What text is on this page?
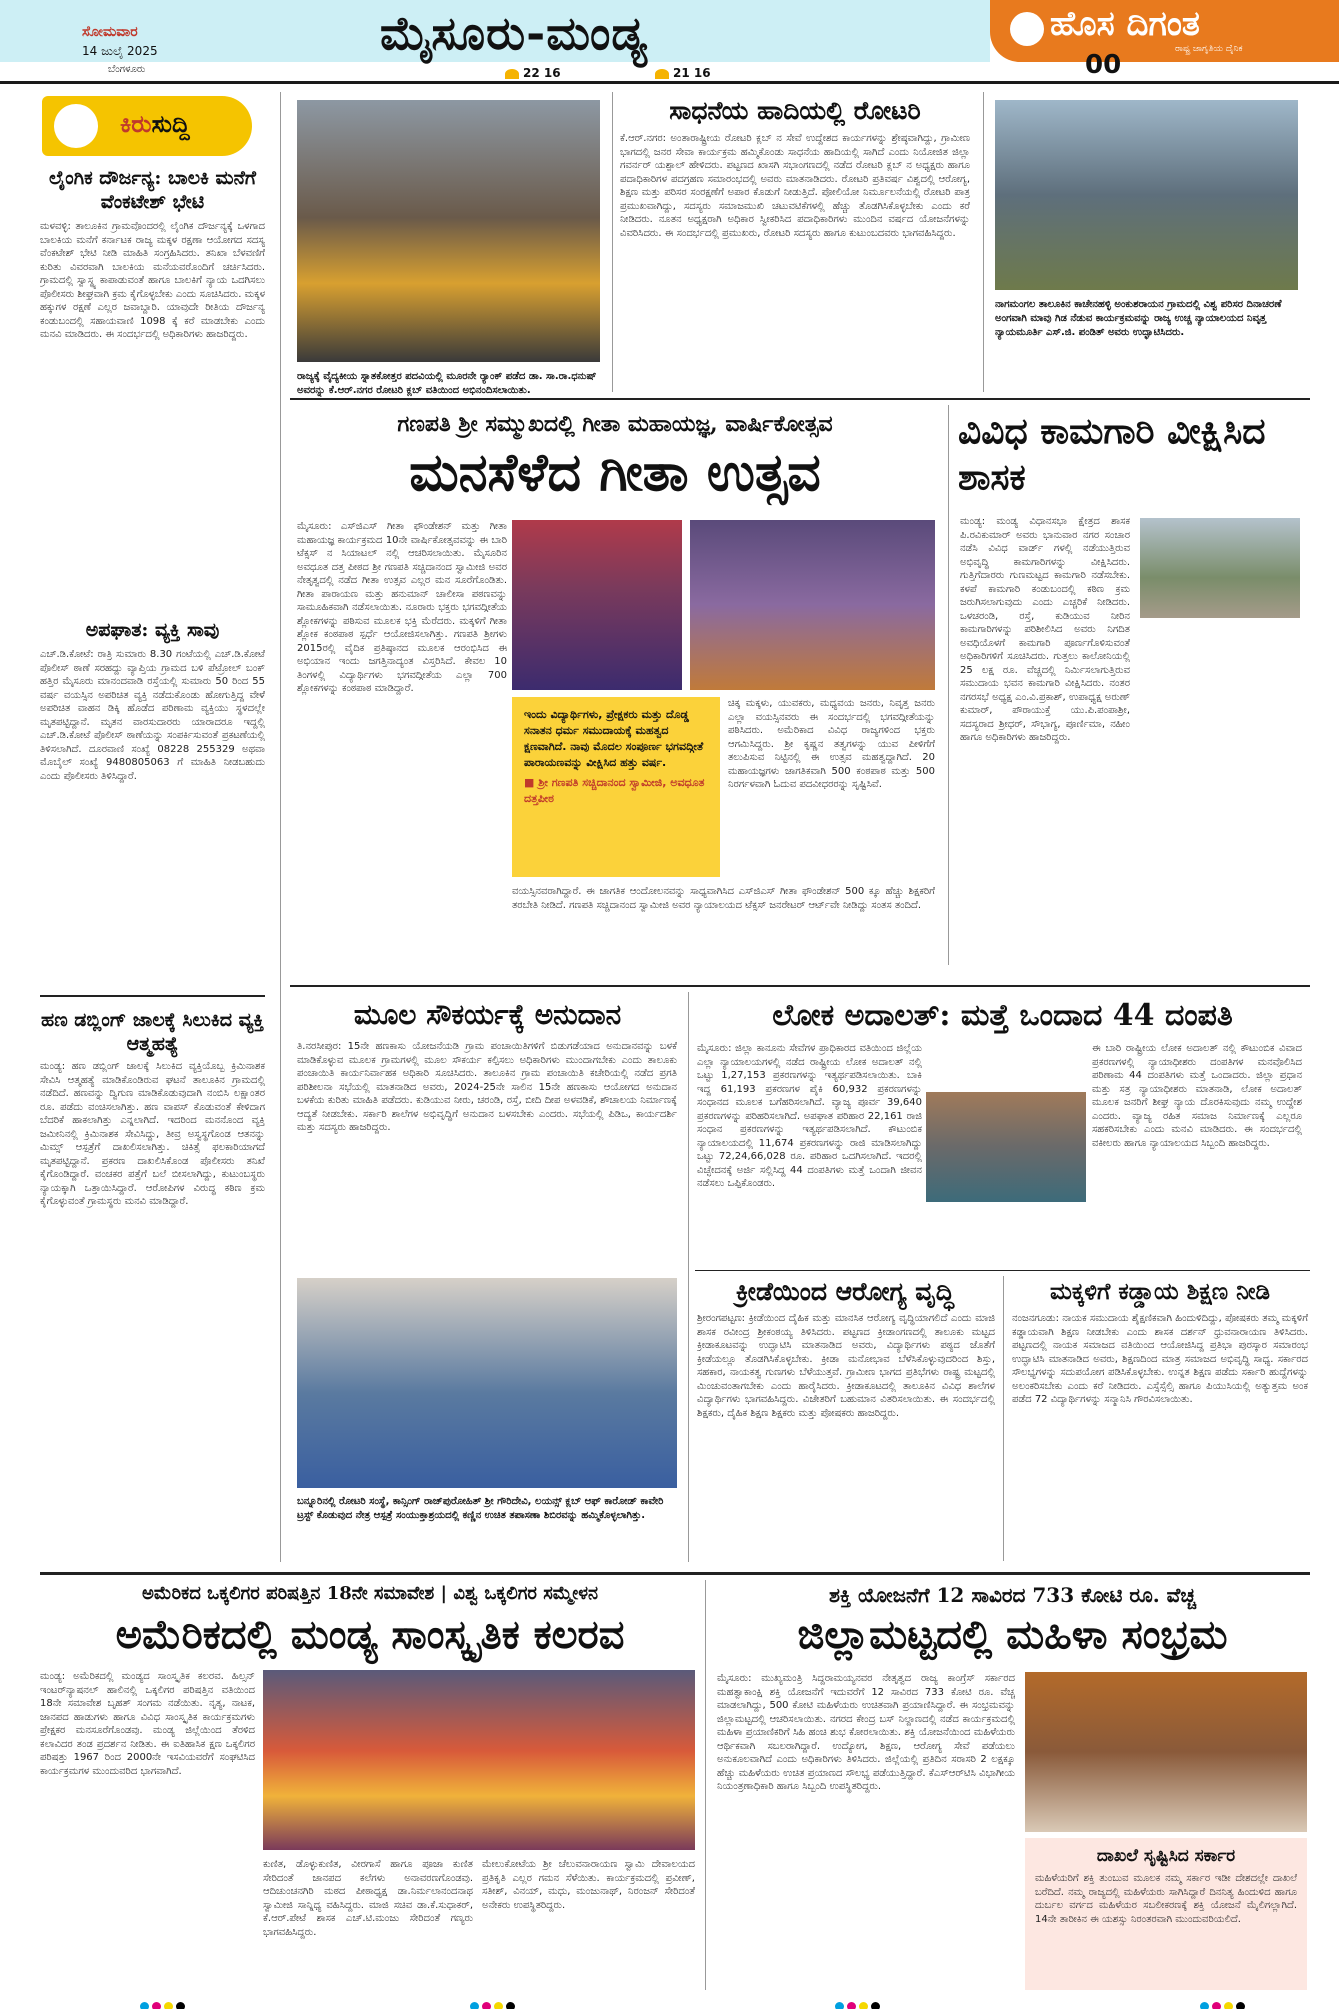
ಸೋಮವಾರ
14 ಜುಲೈ 2025
ಬೆಂಗಳೂರು
ಮೈಸೂರು-ಮಂಡ್ಯ
22 16	21 16
ಹೊಸ ದಿಗಂತ
ರಾಷ್ಟ್ರ ಜಾಗೃತಿಯ ದೈನಿಕ
00
ಕಿರುಸುದ್ದಿ
ಲೈಂಗಿಕ ದೌರ್ಜನ್ಯ: ಬಾಲಕಿ ಮನೆಗೆ ವೆಂಕಟೇಶ್ ಭೇಟಿ
ಮಳವಳ್ಳಿ: ತಾಲೂಕಿನ ಗ್ರಾಮವೊಂದರಲ್ಲಿ ಲೈಂಗಿಕ ದೌರ್ಜನ್ಯಕ್ಕೆ ಒಳಗಾದ ಬಾಲಕಿಯ ಮನೆಗೆ ಕರ್ನಾಟಕ ರಾಜ್ಯ ಮಕ್ಕಳ ರಕ್ಷಣಾ ಆಯೋಗದ ಸದಸ್ಯ ವೆಂಕಟೇಶ್ ಭೇಟಿ ನೀಡಿ ಮಾಹಿತಿ ಸಂಗ್ರಹಿಸಿದರು. ತನಿಖಾ ಬೆಳವಣಿಗೆ ಕುರಿತು ವಿವರವಾಗಿ ಬಾಲಕಿಯ ಮನೆಯವರೊಂದಿಗೆ ಚರ್ಚಿಸಿದರು. ಗ್ರಾಮದಲ್ಲಿ ಸ್ವಾಸ್ಥ್ಯ ಕಾಪಾಡುವಂತೆ ಹಾಗೂ ಬಾಲಕಿಗೆ ನ್ಯಾಯ ಒದಗಿಸಲು ಪೊಲೀಸರು ಶೀಘ್ರವಾಗಿ ಕ್ರಮ ಕೈಗೊಳ್ಳಬೇಕು ಎಂದು ಸೂಚಿಸಿದರು. ಮಕ್ಕಳ ಹಕ್ಕುಗಳ ರಕ್ಷಣೆ ಎಲ್ಲರ ಜವಾಬ್ದಾರಿ. ಯಾವುದೇ ರೀತಿಯ ದೌರ್ಜನ್ಯ ಕಂಡುಬಂದಲ್ಲಿ ಸಹಾಯವಾಣಿ 1098 ಕ್ಕೆ ಕರೆ ಮಾಡಬೇಕು ಎಂದು ಮನವಿ ಮಾಡಿದರು. ಈ ಸಂದರ್ಭದಲ್ಲಿ ಅಧಿಕಾರಿಗಳು ಹಾಜರಿದ್ದರು.
ಅಪಘಾತ: ವ್ಯಕ್ತಿ ಸಾವು
ಎಚ್.ಡಿ.ಕೋಟೆ: ರಾತ್ರಿ ಸುಮಾರು 8.30 ಗಂಟೆಯಲ್ಲಿ ಎಚ್.ಡಿ.ಕೋಟೆ ಪೊಲೀಸ್ ಠಾಣೆ ಸರಹದ್ದು ವ್ಯಾಪ್ತಿಯ ಗ್ರಾಮದ ಬಳಿ ಪೆಟ್ರೋಲ್ ಬಂಕ್ ಹತ್ತಿರ ಮೈಸೂರು ಮಾನಂದವಾಡಿ ರಸ್ತೆಯಲ್ಲಿ ಸುಮಾರು 50 ರಿಂದ 55 ವರ್ಷ ವಯಸ್ಸಿನ ಅಪರಿಚಿತ ವ್ಯಕ್ತಿ ನಡೆದುಕೊಂಡು ಹೋಗುತ್ತಿದ್ದ ವೇಳೆ ಅಪರಿಚಿತ ವಾಹನ ಡಿಕ್ಕಿ ಹೊಡೆದ ಪರಿಣಾಮ ವ್ಯಕ್ತಿಯು ಸ್ಥಳದಲ್ಲೇ ಮೃತಪಟ್ಟಿದ್ದಾನೆ. ಮೃತನ ವಾರಸುದಾರರು ಯಾರಾದರೂ ಇದ್ದಲ್ಲಿ ಎಚ್.ಡಿ.ಕೋಟೆ ಪೊಲೀಸ್ ಠಾಣೆಯನ್ನು ಸಂಪರ್ಕಿಸುವಂತೆ ಪ್ರಕಟಣೆಯಲ್ಲಿ ತಿಳಿಸಲಾಗಿದೆ. ದೂರವಾಣಿ ಸಂಖ್ಯೆ 08228 255329 ಅಥವಾ ಮೊಬೈಲ್ ಸಂಖ್ಯೆ 9480805063 ಗೆ ಮಾಹಿತಿ ನೀಡಬಹುದು ಎಂದು ಪೊಲೀಸರು ತಿಳಿಸಿದ್ದಾರೆ.
ಹಣ ಡಬ್ಲಿಂಗ್ ಜಾಲಕ್ಕೆ ಸಿಲುಕಿದ ವ್ಯಕ್ತಿ ಆತ್ಮಹತ್ಯೆ
ಮಂಡ್ಯ: ಹಣ ಡಬ್ಲಿಂಗ್ ಜಾಲಕ್ಕೆ ಸಿಲುಕಿದ ವ್ಯಕ್ತಿಯೊಬ್ಬ ಕ್ರಿಮಿನಾಶಕ ಸೇವಿಸಿ ಆತ್ಮಹತ್ಯೆ ಮಾಡಿಕೊಂಡಿರುವ ಘಟನೆ ತಾಲೂಕಿನ ಗ್ರಾಮದಲ್ಲಿ ನಡೆದಿದೆ. ಹಣವನ್ನು ದ್ವಿಗುಣ ಮಾಡಿಕೊಡುವುದಾಗಿ ನಂಬಿಸಿ ಲಕ್ಷಾಂತರ ರೂ. ಪಡೆದು ವಂಚಿಸಲಾಗಿತ್ತು. ಹಣ ವಾಪಸ್ ಕೊಡುವಂತೆ ಕೇಳಿದಾಗ ಬೆದರಿಕೆ ಹಾಕಲಾಗಿತ್ತು ಎನ್ನಲಾಗಿದೆ. ಇದರಿಂದ ಮನನೊಂದ ವ್ಯಕ್ತಿ ಜಮೀನಿನಲ್ಲಿ ಕ್ರಿಮಿನಾಶಕ ಸೇವಿಸಿದ್ದು, ತೀವ್ರ ಅಸ್ವಸ್ಥಗೊಂಡ ಆತನನ್ನು ಮಿಮ್ಸ್ ಆಸ್ಪತ್ರೆಗೆ ದಾಖಲಿಸಲಾಗಿತ್ತು. ಚಿಕಿತ್ಸೆ ಫಲಕಾರಿಯಾಗದೆ ಮೃತಪಟ್ಟಿದ್ದಾನೆ. ಪ್ರಕರಣ ದಾಖಲಿಸಿಕೊಂಡ ಪೊಲೀಸರು ತನಿಖೆ ಕೈಗೊಂಡಿದ್ದಾರೆ. ವಂಚಕರ ಪತ್ತೆಗೆ ಬಲೆ ಬೀಸಲಾಗಿದ್ದು, ಕುಟುಂಬಸ್ಥರು ನ್ಯಾಯಕ್ಕಾಗಿ ಒತ್ತಾಯಿಸಿದ್ದಾರೆ. ಆರೋಪಿಗಳ ವಿರುದ್ಧ ಕಠಿಣ ಕ್ರಮ ಕೈಗೊಳ್ಳುವಂತೆ ಗ್ರಾಮಸ್ಥರು ಮನವಿ ಮಾಡಿದ್ದಾರೆ.
ರಾಜ್ಯಕ್ಕೆ ವೈದ್ಯಕೀಯ ಸ್ನಾತಕೋತ್ತರ ಪದವಿಯಲ್ಲಿ ಮೂರನೇ ರ‍್ಯಾಂಕ್ ಪಡೆದ ಡಾ. ಸಾ.ರಾ.ಧನುಷ್ ಅವರನ್ನು ಕೆ.ಆರ್.ನಗರ ರೋಟರಿ ಕ್ಲಬ್ ವತಿಯಿಂದ ಅಭಿನಂದಿಸಲಾಯಿತು.
ಸಾಧನೆಯ ಹಾದಿಯಲ್ಲಿ ರೋಟರಿ
ಕೆ.ಆರ್.ನಗರ: ಅಂತಾರಾಷ್ಟ್ರೀಯ ರೋಟರಿ ಕ್ಲಬ್ ನ ಸೇವೆ ಉದ್ದೇಶದ ಕಾರ್ಯಗಳನ್ನು ಶ್ರೇಷ್ಠವಾಗಿದ್ದು, ಗ್ರಾಮೀಣ ಭಾಗದಲ್ಲಿ ಜನರ ಸೇವಾ ಕಾರ್ಯಕ್ರಮ ಹಮ್ಮಿಕೊಂಡು ಸಾಧನೆಯ ಹಾದಿಯಲ್ಲಿ ಸಾಗಿದೆ ಎಂದು ನಿಯೋಜಿತ ಜಿಲ್ಲಾ ಗವರ್ನರ್ ಯಶ್ಪಾಲ್ ಹೇಳಿದರು. ಪಟ್ಟಣದ ಖಾಸಗಿ ಸಭಾಂಗಣದಲ್ಲಿ ನಡೆದ ರೋಟರಿ ಕ್ಲಬ್ ನ ಅಧ್ಯಕ್ಷರು ಹಾಗೂ ಪದಾಧಿಕಾರಿಗಳ ಪದಗ್ರಹಣ ಸಮಾರಂಭದಲ್ಲಿ ಅವರು ಮಾತನಾಡಿದರು. ರೋಟರಿ ಪ್ರತಿವರ್ಷ ವಿಶ್ವದಲ್ಲಿ ಆರೋಗ್ಯ, ಶಿಕ್ಷಣ ಮತ್ತು ಪರಿಸರ ಸಂರಕ್ಷಣೆಗೆ ಅಪಾರ ಕೊಡುಗೆ ನೀಡುತ್ತಿದೆ. ಪೋಲಿಯೋ ನಿರ್ಮೂಲನೆಯಲ್ಲಿ ರೋಟರಿ ಪಾತ್ರ ಪ್ರಮುಖವಾಗಿದ್ದು, ಸದಸ್ಯರು ಸಮಾಜಮುಖಿ ಚಟುವಟಿಕೆಗಳಲ್ಲಿ ಹೆಚ್ಚು ತೊಡಗಿಸಿಕೊಳ್ಳಬೇಕು ಎಂದು ಕರೆ ನೀಡಿದರು. ನೂತನ ಅಧ್ಯಕ್ಷರಾಗಿ ಅಧಿಕಾರ ಸ್ವೀಕರಿಸಿದ ಪದಾಧಿಕಾರಿಗಳು ಮುಂದಿನ ವರ್ಷದ ಯೋಜನೆಗಳನ್ನು ವಿವರಿಸಿದರು. ಈ ಸಂದರ್ಭದಲ್ಲಿ ಪ್ರಮುಖರು, ರೋಟರಿ ಸದಸ್ಯರು ಹಾಗೂ ಕುಟುಂಬದವರು ಭಾಗವಹಿಸಿದ್ದರು.
ನಾಗಮಂಗಲ ತಾಲೂಕಿನ ಕಾಚೇನಹಳ್ಳಿ ಅಂಕುಶರಾಯನ ಗ್ರಾಮದಲ್ಲಿ ವಿಶ್ವ ಪರಿಸರ ದಿನಾಚರಣೆ ಅಂಗವಾಗಿ ಮಾವು ಗಿಡ ನೆಡುವ ಕಾರ್ಯಕ್ರಮವನ್ನು ರಾಜ್ಯ ಉಚ್ಚ ನ್ಯಾಯಾಲಯದ ನಿವೃತ್ತ ನ್ಯಾಯಮೂರ್ತಿ ಎಸ್.ಜಿ. ಪಂಡಿತ್ ಅವರು ಉದ್ಘಾಟಿಸಿದರು.
ಗಣಪತಿ ಶ್ರೀ ಸಮ್ಮುಖದಲ್ಲಿ ಗೀತಾ ಮಹಾಯಜ್ಞ, ವಾರ್ಷಿಕೋತ್ಸವ
ಮನಸೆಳೆದ ಗೀತಾ ಉತ್ಸವ
ಮೈಸೂರು: ಎಸ್‌ಜಿಎಸ್ ಗೀತಾ ಫೌಂಡೇಶನ್ ಮತ್ತು ಗೀತಾ ಮಹಾಯಜ್ಞ ಕಾರ್ಯಕ್ರಮದ 10ನೇ ವಾರ್ಷಿಕೋತ್ಸವವನ್ನು ಈ ಬಾರಿ ಟೆಕ್ಸಸ್ ನ ಸಿಯಾಟಲ್ ನಲ್ಲಿ ಆಚರಿಸಲಾಯಿತು. ಮೈಸೂರಿನ ಅವಧೂತ ದತ್ತ ಪೀಠದ ಶ್ರೀ ಗಣಪತಿ ಸಚ್ಚಿದಾನಂದ ಸ್ವಾಮೀಜಿ ಅವರ ನೇತೃತ್ವದಲ್ಲಿ ನಡೆದ ಗೀತಾ ಉತ್ಸವ ಎಲ್ಲರ ಮನ ಸೂರೆಗೊಂಡಿತು. ಗೀತಾ ಪಾರಾಯಣ ಮತ್ತು ಹನುಮಾನ್ ಚಾಲೀಸಾ ಪಠಣವನ್ನು ಸಾಮೂಹಿಕವಾಗಿ ನಡೆಸಲಾಯಿತು. ನೂರಾರು ಭಕ್ತರು ಭಗವದ್ಗೀತೆಯ ಶ್ಲೋಕಗಳನ್ನು ಪಠಿಸುವ ಮೂಲಕ ಭಕ್ತಿ ಮೆರೆದರು. ಮಕ್ಕಳಿಗೆ ಗೀತಾ ಶ್ಲೋಕ ಕಂಠಪಾಠ ಸ್ಪರ್ಧೆ ಆಯೋಜಿಸಲಾಗಿತ್ತು. ಗಣಪತಿ ಶ್ರೀಗಳು 2015ರಲ್ಲಿ ವೈದಿಕ ಪ್ರತಿಷ್ಠಾನದ ಮೂಲಕ ಆರಂಭಿಸಿದ ಈ ಅಭಿಯಾನ ಇಂದು ಜಗತ್ತಿನಾದ್ಯಂತ ವಿಸ್ತರಿಸಿದೆ. ಕೇವಲ 10 ತಿಂಗಳಲ್ಲಿ ವಿದ್ಯಾರ್ಥಿಗಳು ಭಗವದ್ಗೀತೆಯ ಎಲ್ಲಾ 700 ಶ್ಲೋಕಗಳನ್ನು ಕಂಠಪಾಠ ಮಾಡಿದ್ದಾರೆ.
ಇಂದು ವಿದ್ಯಾರ್ಥಿಗಳು, ಪ್ರೇಕ್ಷಕರು ಮತ್ತು ದೊಡ್ಡ ಸನಾತನ ಧರ್ಮ ಸಮುದಾಯಕ್ಕೆ ಮಹತ್ವದ ಕ್ಷಣವಾಗಿದೆ. ನಾವು ಮೊದಲ ಸಂಪೂರ್ಣ ಭಗವದ್ಗೀತೆ ಪಾರಾಯಣವನ್ನು ವೀಕ್ಷಿಸಿದ ಹತ್ತು ವರ್ಷ.
■ ಶ್ರೀ ಗಣಪತಿ ಸಚ್ಚಿದಾನಂದ ಸ್ವಾಮೀಜಿ, ಅವಧೂತ ದತ್ತಪೀಠ
ಚಿಕ್ಕ ಮಕ್ಕಳು, ಯುವಕರು, ಮಧ್ಯವಯ ಜನರು, ನಿವೃತ್ತ ಜನರು ಎಲ್ಲಾ ವಯಸ್ಸಿನವರು ಈ ಸಂದರ್ಭದಲ್ಲಿ ಭಗವದ್ಗೀತೆಯನ್ನು ಪಠಿಸಿದರು. ಅಮೆರಿಕಾದ ವಿವಿಧ ರಾಜ್ಯಗಳಿಂದ ಭಕ್ತರು ಆಗಮಿಸಿದ್ದರು. ಶ್ರೀ ಕೃಷ್ಣನ ತತ್ವಗಳನ್ನು ಯುವ ಪೀಳಿಗೆಗೆ ತಲುಪಿಸುವ ನಿಟ್ಟಿನಲ್ಲಿ ಈ ಉತ್ಸವ ಮಹತ್ವದ್ದಾಗಿದೆ. 20 ಮಹಾಯಜ್ಞಗಳು ಜಾಗತಿಕವಾಗಿ 500 ಕಂಠಪಾಠ ಮತ್ತು 500 ನಿರರ್ಗಳವಾಗಿ ಓದುವ ಪದವೀಧರರನ್ನು ಸೃಷ್ಟಿಸಿವೆ.
ವಯಸ್ಸಿನವರಾಗಿದ್ದಾರೆ. ಈ ಜಾಗತಿಕ ಆಂದೋಲನವನ್ನು ಸಾಧ್ಯವಾಗಿಸಿದ ಎಸ್‌ಜಿಎಸ್ ಗೀತಾ ಫೌಂಡೇಶನ್ 500 ಕ್ಕೂ ಹೆಚ್ಚು ಶಿಕ್ಷಕರಿಗೆ ತರಬೇತಿ ನೀಡಿದೆ. ಗಣಪತಿ ಸಚ್ಚಿದಾನಂದ ಸ್ವಾಮೀಜಿ ಅವರ ನ್ಯಾಯಾಲಯದ ಟೆಕ್ಸಸ್ ಜನರೇಟರ್ ಆರ್ಟ್‌ವೇ ನೀಡಿದ್ದು ಸಂತಸ ತಂದಿದೆ.
ವಿವಿಧ ಕಾಮಗಾರಿ ವೀಕ್ಷಿಸಿದ ಶಾಸಕ
ಮಂಡ್ಯ: ಮಂಡ್ಯ ವಿಧಾನಸಭಾ ಕ್ಷೇತ್ರದ ಶಾಸಕ ಪಿ.ರವಿಕುಮಾರ್ ಅವರು ಭಾನುವಾರ ನಗರ ಸಂಚಾರ ನಡೆಸಿ ವಿವಿಧ ವಾರ್ಡ್ ಗಳಲ್ಲಿ ನಡೆಯುತ್ತಿರುವ ಅಭಿವೃದ್ಧಿ ಕಾಮಗಾರಿಗಳನ್ನು ವೀಕ್ಷಿಸಿದರು. ಗುತ್ತಿಗೆದಾರರು ಗುಣಮಟ್ಟದ ಕಾಮಗಾರಿ ನಡೆಸಬೇಕು. ಕಳಪೆ ಕಾಮಗಾರಿ ಕಂಡುಬಂದಲ್ಲಿ ಕಠಿಣ ಕ್ರಮ ಜರುಗಿಸಲಾಗುವುದು ಎಂದು ಎಚ್ಚರಿಕೆ ನೀಡಿದರು. ಒಳಚರಂಡಿ, ರಸ್ತೆ, ಕುಡಿಯುವ ನೀರಿನ ಕಾಮಗಾರಿಗಳನ್ನು ಪರಿಶೀಲಿಸಿದ ಅವರು ನಿಗದಿತ ಅವಧಿಯೊಳಗೆ ಕಾಮಗಾರಿ ಪೂರ್ಣಗೊಳಿಸುವಂತೆ ಅಧಿಕಾರಿಗಳಿಗೆ ಸೂಚಿಸಿದರು. ಗುತ್ತಲು ಕಾಲೋನಿಯಲ್ಲಿ 25 ಲಕ್ಷ ರೂ. ವೆಚ್ಚದಲ್ಲಿ ನಿರ್ಮಿಸಲಾಗುತ್ತಿರುವ ಸಮುದಾಯ ಭವನ ಕಾಮಗಾರಿ ವೀಕ್ಷಿಸಿದರು. ನಂತರ ನಗರಸಭೆ ಅಧ್ಯಕ್ಷ ಎಂ.ವಿ.ಪ್ರಕಾಶ್, ಉಪಾಧ್ಯಕ್ಷ ಅರುಣ್ ಕುಮಾರ್, ಪೌರಾಯುಕ್ತೆ ಯು.ಪಿ.ಪಂಪಾಶ್ರೀ, ಸದಸ್ಯರಾದ ಶ್ರೀಧರ್, ಸೌಭಾಗ್ಯ, ಪೂರ್ಣಿಮಾ, ನಹೀಂ ಹಾಗೂ ಅಧಿಕಾರಿಗಳು ಹಾಜರಿದ್ದರು.
ಮೂಲ ಸೌಕರ್ಯಕ್ಕೆ ಅನುದಾನ
ತಿ.ನರಸೀಪುರ: 15ನೇ ಹಣಕಾಸು ಯೋಜನೆಯಡಿ ಗ್ರಾಮ ಪಂಚಾಯಿತಿಗಳಿಗೆ ಬಿಡುಗಡೆಯಾದ ಅನುದಾನವನ್ನು ಬಳಕೆ ಮಾಡಿಕೊಳ್ಳುವ ಮೂಲಕ ಗ್ರಾಮಗಳಲ್ಲಿ ಮೂಲ ಸೌಕರ್ಯ ಕಲ್ಪಿಸಲು ಅಧಿಕಾರಿಗಳು ಮುಂದಾಗಬೇಕು ಎಂದು ತಾಲೂಕು ಪಂಚಾಯಿತಿ ಕಾರ್ಯನಿರ್ವಾಹಕ ಅಧಿಕಾರಿ ಸೂಚಿಸಿದರು. ತಾಲೂಕಿನ ಗ್ರಾಮ ಪಂಚಾಯಿತಿ ಕಚೇರಿಯಲ್ಲಿ ನಡೆದ ಪ್ರಗತಿ ಪರಿಶೀಲನಾ ಸಭೆಯಲ್ಲಿ ಮಾತನಾಡಿದ ಅವರು, 2024-25ನೇ ಸಾಲಿನ 15ನೇ ಹಣಕಾಸು ಆಯೋಗದ ಅನುದಾನ ಬಳಕೆಯ ಕುರಿತು ಮಾಹಿತಿ ಪಡೆದರು. ಕುಡಿಯುವ ನೀರು, ಚರಂಡಿ, ರಸ್ತೆ, ಬೀದಿ ದೀಪ ಅಳವಡಿಕೆ, ಶೌಚಾಲಯ ನಿರ್ಮಾಣಕ್ಕೆ ಆದ್ಯತೆ ನೀಡಬೇಕು. ಸರ್ಕಾರಿ ಶಾಲೆಗಳ ಅಭಿವೃದ್ಧಿಗೆ ಅನುದಾನ ಬಳಸಬೇಕು ಎಂದರು. ಸಭೆಯಲ್ಲಿ ಪಿಡಿಒ, ಕಾರ್ಯದರ್ಶಿ ಮತ್ತು ಸದಸ್ಯರು ಹಾಜರಿದ್ದರು.
ಬನ್ನೂರಿನಲ್ಲಿ ರೋಟರಿ ಸಂಸ್ಥೆ, ಕಾನ್ಸಿಂಗ್ ರಾಜ್‌ಪುರೋಹಿತ್ ಶ್ರೀ ಗೌರಿದೇವಿ, ಲಯನ್ಸ್ ಕ್ಲಬ್ ಆಫ್ ಕಾರೋಡ್ ಕಾವೇರಿ ಟ್ರಸ್ಟ್ ಕೊಡುವುದ ನೇತ್ರ ಆಸ್ಪತ್ರೆ ಸಂಯುಕ್ತಾಶ್ರಯದಲ್ಲಿ ಕಣ್ಣಿನ ಉಚಿತ ತಪಾಸಣಾ ಶಿಬಿರವನ್ನು ಹಮ್ಮಿಕೊಳ್ಳಲಾಗಿತ್ತು.
ಲೋಕ ಅದಾಲತ್: ಮತ್ತೆ ಒಂದಾದ 44 ದಂಪತಿ
ಮೈಸೂರು: ಜಿಲ್ಲಾ ಕಾನೂನು ಸೇವೆಗಳ ಪ್ರಾಧಿಕಾರದ ವತಿಯಿಂದ ಜಿಲ್ಲೆಯ ಎಲ್ಲಾ ನ್ಯಾಯಾಲಯಗಳಲ್ಲಿ ನಡೆದ ರಾಷ್ಟ್ರೀಯ ಲೋಕ ಅದಾಲತ್ ನಲ್ಲಿ ಒಟ್ಟು 1,27,153 ಪ್ರಕರಣಗಳನ್ನು ಇತ್ಯರ್ಥಪಡಿಸಲಾಯಿತು. ಬಾಕಿ ಇದ್ದ 61,193 ಪ್ರಕರಣಗಳ ಪೈಕಿ 60,932 ಪ್ರಕರಣಗಳನ್ನು ಸಂಧಾನದ ಮೂಲಕ ಬಗೆಹರಿಸಲಾಗಿದೆ. ವ್ಯಾಜ್ಯ ಪೂರ್ವ 39,640 ಪ್ರಕರಣಗಳನ್ನು ಪರಿಹರಿಸಲಾಗಿದೆ. ಅಪಘಾತ ಪರಿಹಾರ 22,161 ರಾಜಿ ಸಂಧಾನ ಪ್ರಕರಣಗಳನ್ನು ಇತ್ಯರ್ಥಪಡಿಸಲಾಗಿದೆ. ಕೌಟುಂಬಿಕ ನ್ಯಾಯಾಲಯದಲ್ಲಿ 11,674 ಪ್ರಕರಣಗಳನ್ನು ರಾಜಿ ಮಾಡಿಸಲಾಗಿದ್ದು ಒಟ್ಟು 72,24,66,028 ರೂ. ಪರಿಹಾರ ಒದಗಿಸಲಾಗಿದೆ. ಇದರಲ್ಲಿ ವಿಚ್ಛೇದನಕ್ಕೆ ಅರ್ಜಿ ಸಲ್ಲಿಸಿದ್ದ 44 ದಂಪತಿಗಳು ಮತ್ತೆ ಒಂದಾಗಿ ಜೀವನ ನಡೆಸಲು ಒಪ್ಪಿಕೊಂಡರು.
ಈ ಬಾರಿ ರಾಷ್ಟ್ರೀಯ ಲೋಕ ಅದಾಲತ್ ನಲ್ಲಿ ಕೌಟುಂಬಿಕ ವಿವಾದ ಪ್ರಕರಣಗಳಲ್ಲಿ ನ್ಯಾಯಾಧೀಶರು ದಂಪತಿಗಳ ಮನವೊಲಿಸಿದ ಪರಿಣಾಮ 44 ದಂಪತಿಗಳು ಮತ್ತೆ ಒಂದಾದರು. ಜಿಲ್ಲಾ ಪ್ರಧಾನ ಮತ್ತು ಸತ್ರ ನ್ಯಾಯಾಧೀಶರು ಮಾತನಾಡಿ, ಲೋಕ ಅದಾಲತ್ ಮೂಲಕ ಜನರಿಗೆ ಶೀಘ್ರ ನ್ಯಾಯ ದೊರಕಿಸುವುದು ನಮ್ಮ ಉದ್ದೇಶ ಎಂದರು. ವ್ಯಾಜ್ಯ ರಹಿತ ಸಮಾಜ ನಿರ್ಮಾಣಕ್ಕೆ ಎಲ್ಲರೂ ಸಹಕರಿಸಬೇಕು ಎಂದು ಮನವಿ ಮಾಡಿದರು. ಈ ಸಂದರ್ಭದಲ್ಲಿ ವಕೀಲರು ಹಾಗೂ ನ್ಯಾಯಾಲಯದ ಸಿಬ್ಬಂದಿ ಹಾಜರಿದ್ದರು.
ಕ್ರೀಡೆಯಿಂದ ಆರೋಗ್ಯ ವೃದ್ಧಿ
ಶ್ರೀರಂಗಪಟ್ಟಣ: ಕ್ರೀಡೆಯಿಂದ ದೈಹಿಕ ಮತ್ತು ಮಾನಸಿಕ ಆರೋಗ್ಯ ವೃದ್ಧಿಯಾಗಲಿದೆ ಎಂದು ಮಾಜಿ ಶಾಸಕ ರವೀಂದ್ರ ಶ್ರೀಕಂಠಯ್ಯ ತಿಳಿಸಿದರು. ಪಟ್ಟಣದ ಕ್ರೀಡಾಂಗಣದಲ್ಲಿ ತಾಲೂಕು ಮಟ್ಟದ ಕ್ರೀಡಾಕೂಟವನ್ನು ಉದ್ಘಾಟಿಸಿ ಮಾತನಾಡಿದ ಅವರು, ವಿದ್ಯಾರ್ಥಿಗಳು ಪಠ್ಯದ ಜೊತೆಗೆ ಕ್ರೀಡೆಯಲ್ಲೂ ತೊಡಗಿಸಿಕೊಳ್ಳಬೇಕು. ಕ್ರೀಡಾ ಮನೋಭಾವ ಬೆಳೆಸಿಕೊಳ್ಳುವುದರಿಂದ ಶಿಸ್ತು, ಸಹಕಾರ, ನಾಯಕತ್ವ ಗುಣಗಳು ಬೆಳೆಯುತ್ತವೆ. ಗ್ರಾಮೀಣ ಭಾಗದ ಪ್ರತಿಭೆಗಳು ರಾಷ್ಟ್ರ ಮಟ್ಟದಲ್ಲಿ ಮಿಂಚುವಂತಾಗಬೇಕು ಎಂದು ಹಾರೈಸಿದರು. ಕ್ರೀಡಾಕೂಟದಲ್ಲಿ ತಾಲೂಕಿನ ವಿವಿಧ ಶಾಲೆಗಳ ವಿದ್ಯಾರ್ಥಿಗಳು ಭಾಗವಹಿಸಿದ್ದರು. ವಿಜೇತರಿಗೆ ಬಹುಮಾನ ವಿತರಿಸಲಾಯಿತು. ಈ ಸಂದರ್ಭದಲ್ಲಿ ಶಿಕ್ಷಕರು, ದೈಹಿಕ ಶಿಕ್ಷಣ ಶಿಕ್ಷಕರು ಮತ್ತು ಪೋಷಕರು ಹಾಜರಿದ್ದರು.
ಮಕ್ಕಳಿಗೆ ಕಡ್ಡಾಯ ಶಿಕ್ಷಣ ನೀಡಿ
ನಂಜನಗೂಡು: ನಾಯಕ ಸಮುದಾಯ ಶೈಕ್ಷಣಿಕವಾಗಿ ಹಿಂದುಳಿದಿದ್ದು, ಪೋಷಕರು ತಮ್ಮ ಮಕ್ಕಳಿಗೆ ಕಡ್ಡಾಯವಾಗಿ ಶಿಕ್ಷಣ ನೀಡಬೇಕು ಎಂದು ಶಾಸಕ ದರ್ಶನ್ ಧ್ರುವನಾರಾಯಣ ತಿಳಿಸಿದರು. ಪಟ್ಟಣದಲ್ಲಿ ನಾಯಕ ಸಮಾಜದ ವತಿಯಿಂದ ಆಯೋಜಿಸಿದ್ದ ಪ್ರತಿಭಾ ಪುರಸ್ಕಾರ ಸಮಾರಂಭ ಉದ್ಘಾಟಿಸಿ ಮಾತನಾಡಿದ ಅವರು, ಶಿಕ್ಷಣದಿಂದ ಮಾತ್ರ ಸಮಾಜದ ಅಭಿವೃದ್ಧಿ ಸಾಧ್ಯ. ಸರ್ಕಾರದ ಸೌಲಭ್ಯಗಳನ್ನು ಸದುಪಯೋಗ ಪಡಿಸಿಕೊಳ್ಳಬೇಕು. ಉನ್ನತ ಶಿಕ್ಷಣ ಪಡೆದು ಸರ್ಕಾರಿ ಹುದ್ದೆಗಳನ್ನು ಅಲಂಕರಿಸಬೇಕು ಎಂದು ಕರೆ ನೀಡಿದರು. ಎಸ್ಸೆಸ್ಸೆಲ್ಸಿ ಹಾಗೂ ಪಿಯುಸಿಯಲ್ಲಿ ಅತ್ಯುತ್ತಮ ಅಂಕ ಪಡೆದ 72 ವಿದ್ಯಾರ್ಥಿಗಳನ್ನು ಸನ್ಮಾನಿಸಿ ಗೌರವಿಸಲಾಯಿತು.
ಅಮೆರಿಕದ ಒಕ್ಕಲಿಗರ ಪರಿಷತ್ತಿನ 18ನೇ ಸಮಾವೇಶ | ವಿಶ್ವ ಒಕ್ಕಲಿಗರ ಸಮ್ಮೇಳನ
ಅಮೆರಿಕದಲ್ಲಿ ಮಂಡ್ಯ ಸಾಂಸ್ಕೃತಿಕ ಕಲರವ
ಮಂಡ್ಯ: ಅಮೆರಿಕದಲ್ಲಿ ಮಂಡ್ಯದ ಸಾಂಸ್ಕೃತಿಕ ಕಲರವ. ಹಿಲ್ಸನ್ ಇಂಟರ್‌ನ್ಯಾಷನಲ್ ಹಾಲಿನಲ್ಲಿ ಒಕ್ಕಲಿಗರ ಪರಿಷತ್ತಿನ ವತಿಯಿಂದ 18ನೇ ಸಮಾವೇಶ ಬೃಹತ್ ಸಂಗಮ ನಡೆಯಿತು. ನೃತ್ಯ, ನಾಟಕ, ಜಾನಪದ ಹಾಡುಗಳು ಹಾಗೂ ವಿವಿಧ ಸಾಂಸ್ಕೃತಿಕ ಕಾರ್ಯಕ್ರಮಗಳು ಪ್ರೇಕ್ಷಕರ ಮನಸೂರೆಗೊಂಡವು. ಮಂಡ್ಯ ಜಿಲ್ಲೆಯಿಂದ ತೆರಳಿದ ಕಲಾವಿದರ ತಂಡ ಪ್ರದರ್ಶನ ನೀಡಿತು. ಈ ಐತಿಹಾಸಿಕ ಕ್ಷಣ ಒಕ್ಕಲಿಗರ ಪರಿಷತ್ತು 1967 ರಿಂದ 2000ನೇ ಇಸವಿಯವರೆಗೆ ಸಂಘಟಿಸಿದ ಕಾರ್ಯಕ್ರಮಗಳ ಮುಂದುವರಿದ ಭಾಗವಾಗಿದೆ.
ಕುಣಿತ, ಡೊಳ್ಳುಕುಣಿತ, ವೀರಗಾಸೆ ಹಾಗೂ ಪೂಜಾ ಕುಣಿತ ಸೇರಿದಂತೆ ಜಾನಪದ ಕಲೆಗಳು ಅನಾವರಣಗೊಂಡವು. ಆದಿಚುಂಚನಗಿರಿ ಮಠದ ಪೀಠಾಧ್ಯಕ್ಷ ಡಾ.ನಿರ್ಮಲಾನಂದನಾಥ ಸ್ವಾಮೀಜಿ ಸಾನ್ನಿಧ್ಯ ವಹಿಸಿದ್ದರು. ಮಾಜಿ ಸಚಿವ ಡಾ.ಕೆ.ಸುಧಾಕರ್, ಕೆ.ಆರ್.ಪೇಟೆ ಶಾಸಕ ಎಚ್.ಟಿ.ಮಂಜು ಸೇರಿದಂತೆ ಗಣ್ಯರು ಭಾಗವಹಿಸಿದ್ದರು.
ಮೇಲುಕೋಟೆಯ ಶ್ರೀ ಚೆಲುವನಾರಾಯಣ ಸ್ವಾಮಿ ದೇವಾಲಯದ ಪ್ರತಿಕೃತಿ ಎಲ್ಲರ ಗಮನ ಸೆಳೆಯಿತು. ಕಾರ್ಯಕ್ರಮದಲ್ಲಿ ಪ್ರವೀಣ್, ಸತೀಶ್, ವಿನಯ್, ಮಧು, ಮಂಜುನಾಥ್, ನಿರಂಜನ್ ಸೇರಿದಂತೆ ಅನೇಕರು ಉಪಸ್ಥಿತರಿದ್ದರು.
ಶಕ್ತಿ ಯೋಜನೆಗೆ 12 ಸಾವಿರದ 733 ಕೋಟಿ ರೂ. ವೆಚ್ಚ
ಜಿಲ್ಲಾಮಟ್ಟದಲ್ಲಿ ಮಹಿಳಾ ಸಂಭ್ರಮ
ಮೈಸೂರು: ಮುಖ್ಯಮಂತ್ರಿ ಸಿದ್ದರಾಮಯ್ಯನವರ ನೇತೃತ್ವದ ರಾಜ್ಯ ಕಾಂಗ್ರೆಸ್ ಸರ್ಕಾರದ ಮಹತ್ವಾಕಾಂಕ್ಷಿ ಶಕ್ತಿ ಯೋಜನೆಗೆ ಇದುವರೆಗೆ 12 ಸಾವಿರದ 733 ಕೋಟಿ ರೂ. ವೆಚ್ಚ ಮಾಡಲಾಗಿದ್ದು, 500 ಕೋಟಿ ಮಹಿಳೆಯರು ಉಚಿತವಾಗಿ ಪ್ರಯಾಣಿಸಿದ್ದಾರೆ. ಈ ಸಂಭ್ರಮವನ್ನು ಜಿಲ್ಲಾಮಟ್ಟದಲ್ಲಿ ಆಚರಿಸಲಾಯಿತು. ನಗರದ ಕೇಂದ್ರ ಬಸ್ ನಿಲ್ದಾಣದಲ್ಲಿ ನಡೆದ ಕಾರ್ಯಕ್ರಮದಲ್ಲಿ ಮಹಿಳಾ ಪ್ರಯಾಣಿಕರಿಗೆ ಸಿಹಿ ಹಂಚಿ ಶುಭ ಕೋರಲಾಯಿತು. ಶಕ್ತಿ ಯೋಜನೆಯಿಂದ ಮಹಿಳೆಯರು ಆರ್ಥಿಕವಾಗಿ ಸಬಲರಾಗಿದ್ದಾರೆ. ಉದ್ಯೋಗ, ಶಿಕ್ಷಣ, ಆರೋಗ್ಯ ಸೇವೆ ಪಡೆಯಲು ಅನುಕೂಲವಾಗಿದೆ ಎಂದು ಅಧಿಕಾರಿಗಳು ತಿಳಿಸಿದರು. ಜಿಲ್ಲೆಯಲ್ಲಿ ಪ್ರತಿದಿನ ಸರಾಸರಿ 2 ಲಕ್ಷಕ್ಕೂ ಹೆಚ್ಚು ಮಹಿಳೆಯರು ಉಚಿತ ಪ್ರಯಾಣದ ಸೌಲಭ್ಯ ಪಡೆಯುತ್ತಿದ್ದಾರೆ. ಕೆಎಸ್‌ಆರ್‌ಟಿಸಿ ವಿಭಾಗೀಯ ನಿಯಂತ್ರಣಾಧಿಕಾರಿ ಹಾಗೂ ಸಿಬ್ಬಂದಿ ಉಪಸ್ಥಿತರಿದ್ದರು.
ದಾಖಲೆ ಸೃಷ್ಟಿಸಿದ ಸರ್ಕಾರ
ಮಹಿಳೆಯರಿಗೆ ಶಕ್ತಿ ತುಂಬುವ ಮೂಲಕ ನಮ್ಮ ಸರ್ಕಾರ ಇಡೀ ದೇಶದಲ್ಲೇ ದಾಖಲೆ ಬರೆದಿದೆ. ನಮ್ಮ ರಾಜ್ಯದಲ್ಲಿ ಮಹಿಳೆಯರು ಸಾಗಿಸಿದ್ದಾರೆ ದಿನನಿತ್ಯ ಹಿಂದುಳಿದ ಹಾಗೂ ದುರ್ಬಲ ವರ್ಗದ ಮಹಿಳೆಯರ ಸಬಲೀಕರಣಕ್ಕೆ ಶಕ್ತಿ ಯೋಜನೆ ಮೈಲಿಗಲ್ಲಾಗಿದೆ. 14ನೇ ತಾರೀಕಿನ ಈ ಯಶಸ್ಸು ನಿರಂತರವಾಗಿ ಮುಂದುವರಿಯಲಿದೆ.
